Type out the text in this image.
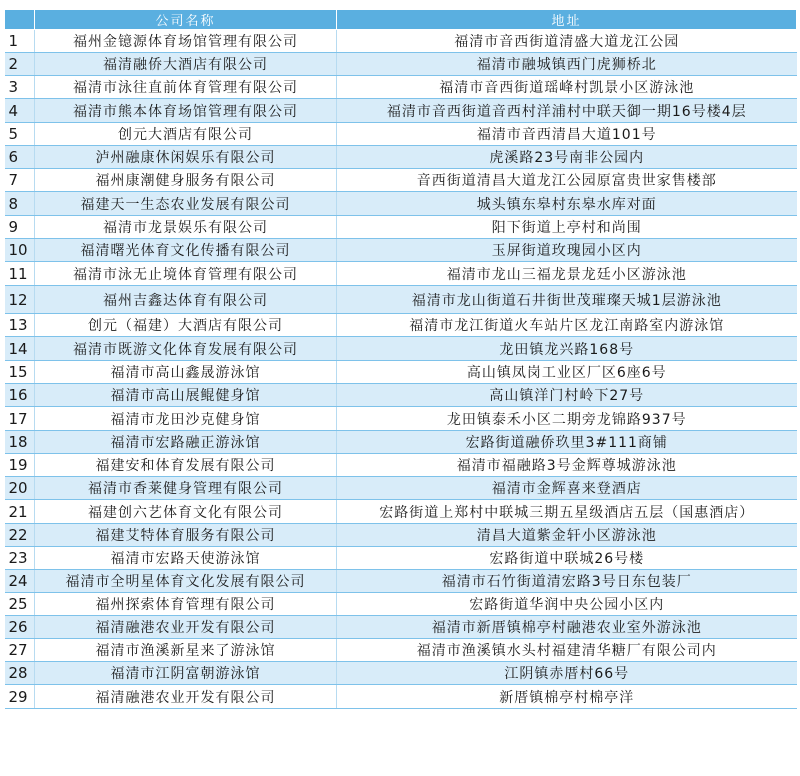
	公司名称	地址
1	福州金镱源体育场馆管理有限公司	福清市音西街道清盛大道龙江公园
2	福清融侨大酒店有限公司	福清市融城镇西门虎狮桥北
3	福清市泳往直前体育管理有限公司	福清市音西街道瑶峰村凯景小区游泳池
4	福清市熊本体育场馆管理有限公司	福清市音西街道音西村洋浦村中联天御一期16号楼4层
5	创元大酒店有限公司	福清市音西清昌大道101号
6	泸州融康休闲娱乐有限公司	虎溪路23号南非公园内
7	福州康潮健身服务有限公司	音西街道清昌大道龙江公园原富贵世家售楼部
8	福建天一生态农业发展有限公司	城头镇东皋村东皋水库对面
9	福清市龙景娱乐有限公司	阳下街道上亭村和尚围
10	福清曙光体育文化传播有限公司	玉屏街道玫瑰园小区内
11	福清市泳无止境体育管理有限公司	福清市龙山三福龙景龙廷小区游泳池
12	福州吉鑫达体育有限公司	福清市龙山街道石井街世茂璀璨天城1层游泳池
13	创元（福建）大酒店有限公司	福清市龙江街道火车站片区龙江南路室内游泳馆
14	福清市既游文化体育发展有限公司	龙田镇龙兴路168号
15	福清市高山鑫晟游泳馆	高山镇凤岗工业区厂区6座6号
16	福清市高山展鲲健身馆	高山镇洋门村岭下27号
17	福清市龙田沙克健身馆	龙田镇泰禾小区二期旁龙锦路937号
18	福清市宏路融正游泳馆	宏路街道融侨玖里3#111商铺
19	福建安和体育发展有限公司	福清市福融路3号金辉尊城游泳池
20	福清市香莱健身管理有限公司	福清市金辉喜来登酒店
21	福建创六艺体育文化有限公司	宏路街道上郑村中联城三期五星级酒店五层（国惠酒店）
22	福建艾特体育服务有限公司	清昌大道紫金轩小区游泳池
23	福清市宏路天使游泳馆	宏路街道中联城26号楼
24	福清市全明星体育文化发展有限公司	福清市石竹街道清宏路3号日东包装厂
25	福州探索体育管理有限公司	宏路街道华润中央公园小区内
26	福清融港农业开发有限公司	福清市新厝镇棉亭村融港农业室外游泳池
27	福清市渔溪新星来了游泳馆	福清市渔溪镇水头村福建清华糖厂有限公司内
28	福清市江阴富朝游泳馆	江阴镇赤厝村66号
29	福清融港农业开发有限公司	新厝镇棉亭村棉亭洋
